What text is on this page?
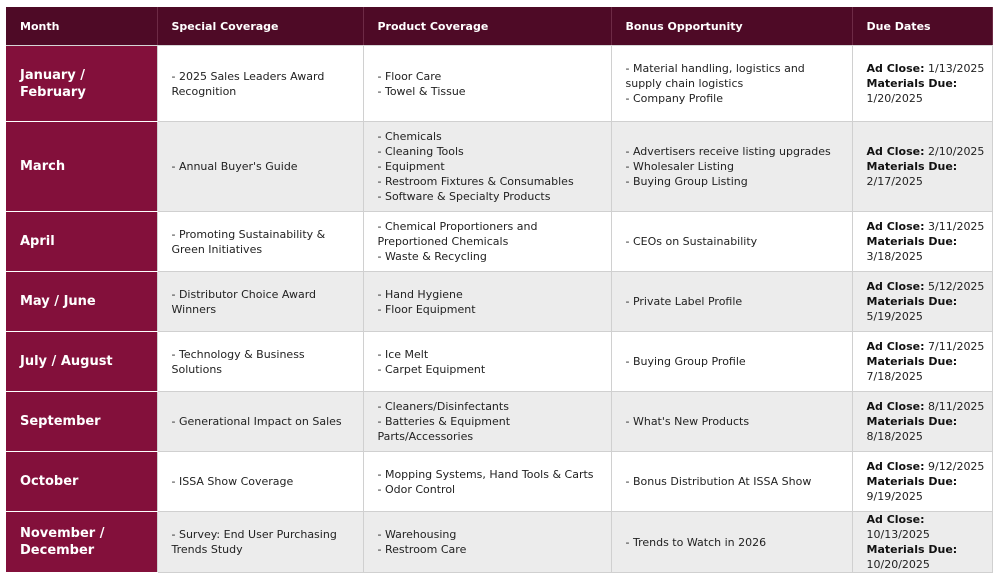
Month	Special Coverage	Product Coverage	Bonus Opportunity	Due Dates
January / February	- 2025 Sales Leaders Award Recognition	- Floor Care
- Towel & Tissue	- Material handling, logistics and supply chain logistics
- Company Profile	Ad Close: 1/13/2025
Materials Due:
1/20/2025

March	- Annual Buyer's Guide	- Chemicals
- Cleaning Tools
- Equipment
- Restroom Fixtures & Consumables
- Software & Specialty Products	- Advertisers receive listing upgrades
- Wholesaler Listing
- Buying Group Listing	Ad Close: 2/10/2025
Materials Due:
2/17/2025

April	- Promoting Sustainability & Green Initiatives	- Chemical Proportioners and Preportioned Chemicals
- Waste & Recycling	- CEOs on Sustainability	Ad Close: 3/11/2025
Materials Due:
3/18/2025

May / June	- Distributor Choice Award Winners	- Hand Hygiene
- Floor Equipment	- Private Label Profile	Ad Close: 5/12/2025
Materials Due:
5/19/2025

July / August	- Technology & Business Solutions	- Ice Melt
- Carpet Equipment	- Buying Group Profile	Ad Close: 7/11/2025
Materials Due:
7/18/2025

September	- Generational Impact on Sales	- Cleaners/Disinfectants
- Batteries & Equipment Parts/Accessories	- What's New Products	Ad Close: 8/11/2025
Materials Due:
8/18/2025

October	- ISSA Show Coverage	- Mopping Systems, Hand Tools & Carts
- Odor Control	- Bonus Distribution At ISSA Show	Ad Close: 9/12/2025
Materials Due:
9/19/2025

November / December	- Survey: End User Purchasing Trends Study	- Warehousing
- Restroom Care	- Trends to Watch in 2026	Ad Close: 10/13/2025
Materials Due:
10/20/2025
